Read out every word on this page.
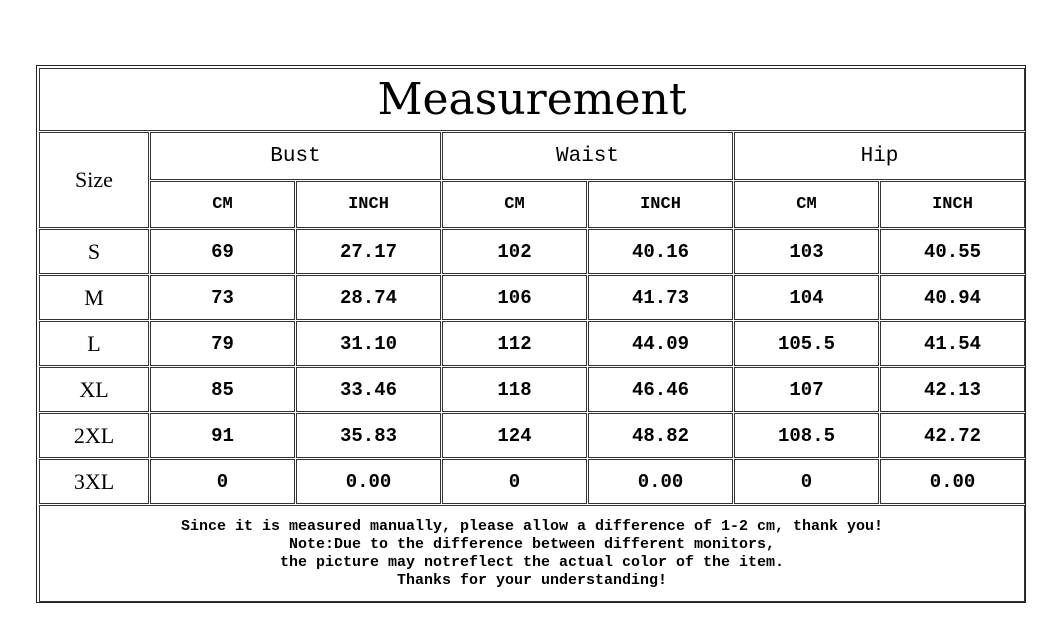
Measurement
Size
Bust	Waist	Hip
CM	INCH	CM	INCH	CM	INCH
Since it is measured manually, please allow a difference of 1-2 cm, thank you!
Note:Due to the difference between different monitors,
the picture may notreflect the actual color of the item.
Thanks for your understanding!
S	69	27.17	102	40.16	103	40.55
M	73	28.74	106	41.73	104	40.94
L	79	31.10	112	44.09	105.5	41.54
XL	85	33.46	118	46.46	107	42.13
2XL	91	35.83	124	48.82	108.5	42.72
3XL	0	0.00	0	0.00	0	0.00
